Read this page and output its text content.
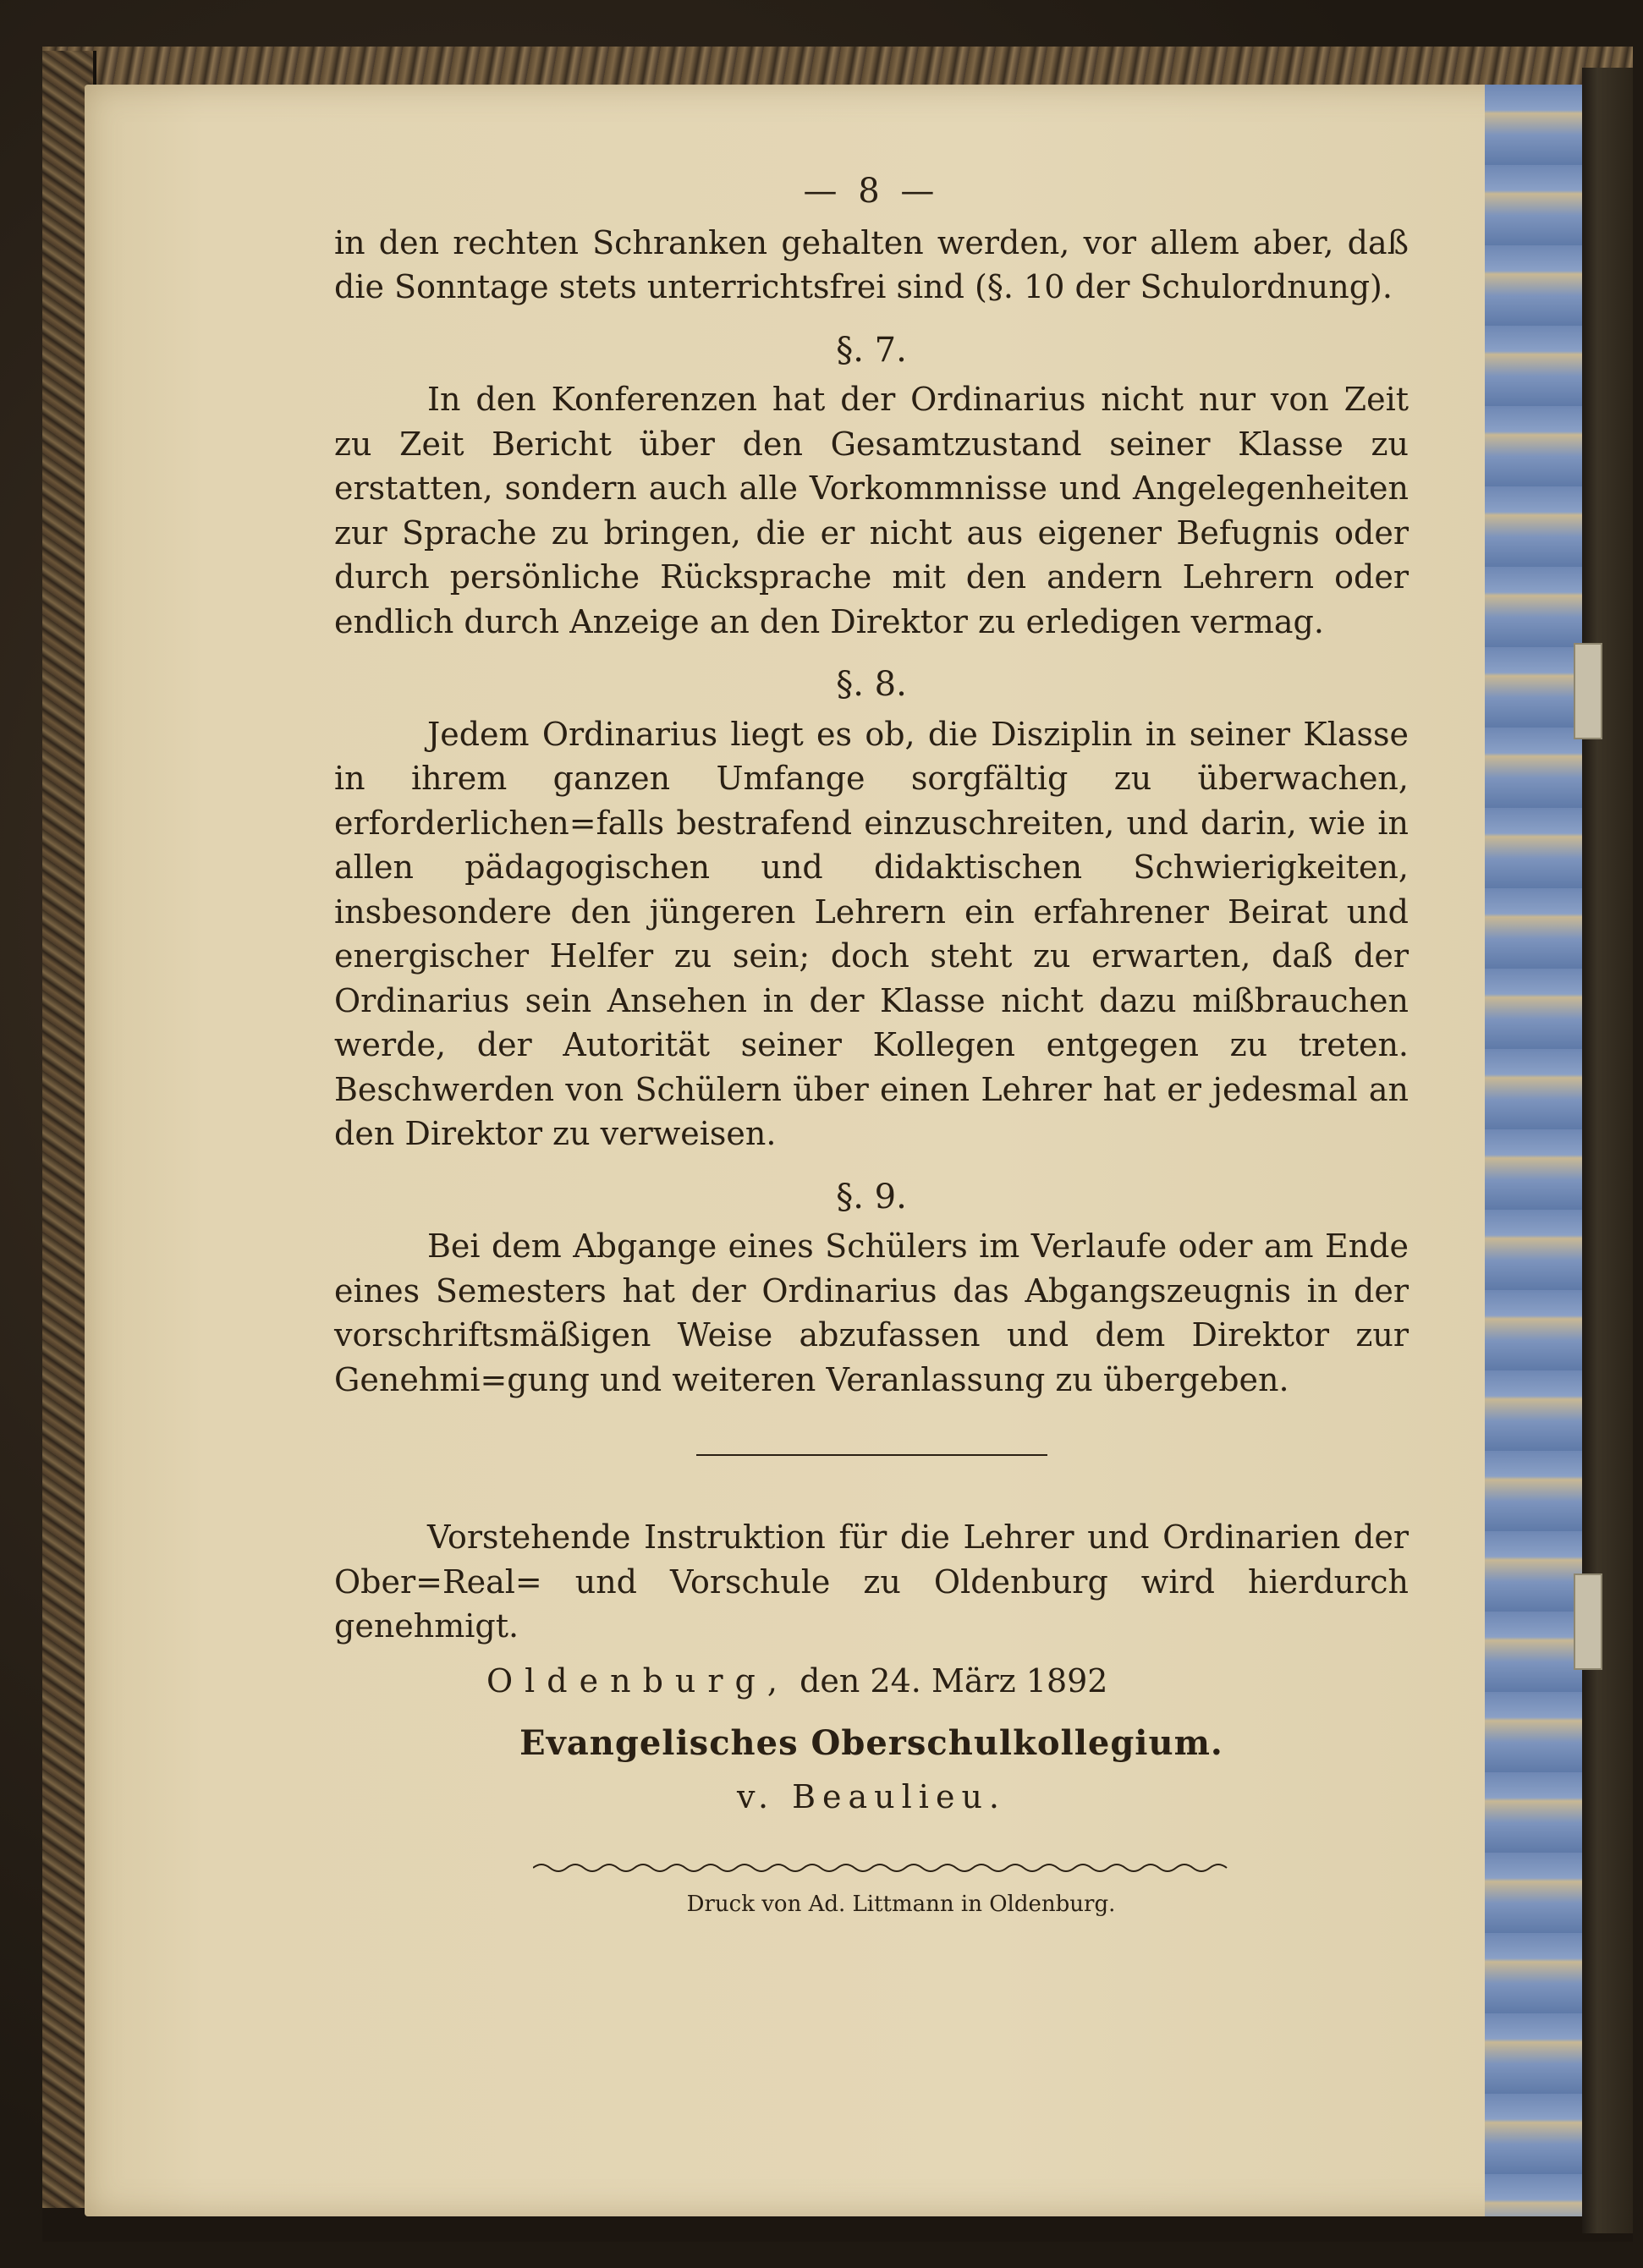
— 8 —

in den rechten Schranken gehalten werden, vor allem aber, daß die Sonntage stets unterrichtsfrei sind (§. 10 der Schulordnung).

§. 7.

In den Konferenzen hat der Ordinarius nicht nur von Zeit zu Zeit Bericht über den Gesamtzustand seiner Klasse zu erstatten, sondern auch alle Vorkommnisse und Angelegenheiten zur Sprache zu bringen, die er nicht aus eigener Befugnis oder durch persönliche Rücksprache mit den andern Lehrern oder endlich durch Anzeige an den Direktor zu erledigen vermag.

§. 8.

Jedem Ordinarius liegt es ob, die Disziplin in seiner Klasse in ihrem ganzen Umfange sorgfältig zu überwachen, erforderlichen=falls bestrafend einzuschreiten, und darin, wie in allen pädagogischen und didaktischen Schwierigkeiten, insbesondere den jüngeren Lehrern ein erfahrener Beirat und energischer Helfer zu sein; doch steht zu erwarten, daß der Ordinarius sein Ansehen in der Klasse nicht dazu mißbrauchen werde, der Autorität seiner Kollegen entgegen zu treten. Beschwerden von Schülern über einen Lehrer hat er jedesmal an den Direktor zu verweisen.

§. 9.

Bei dem Abgange eines Schülers im Verlaufe oder am Ende eines Semesters hat der Ordinarius das Abgangszeugnis in der vorschriftsmäßigen Weise abzufassen und dem Direktor zur Genehmi=gung und weiteren Veranlassung zu übergeben.

Vorstehende Instruktion für die Lehrer und Ordinarien der Ober=Real= und Vorschule zu Oldenburg wird hierdurch genehmigt.

Oldenburg, den 24. März 1892
Evangelisches Oberschulkollegium.
v. Beaulieu.
Druck von Ad. Littmann in Oldenburg.
